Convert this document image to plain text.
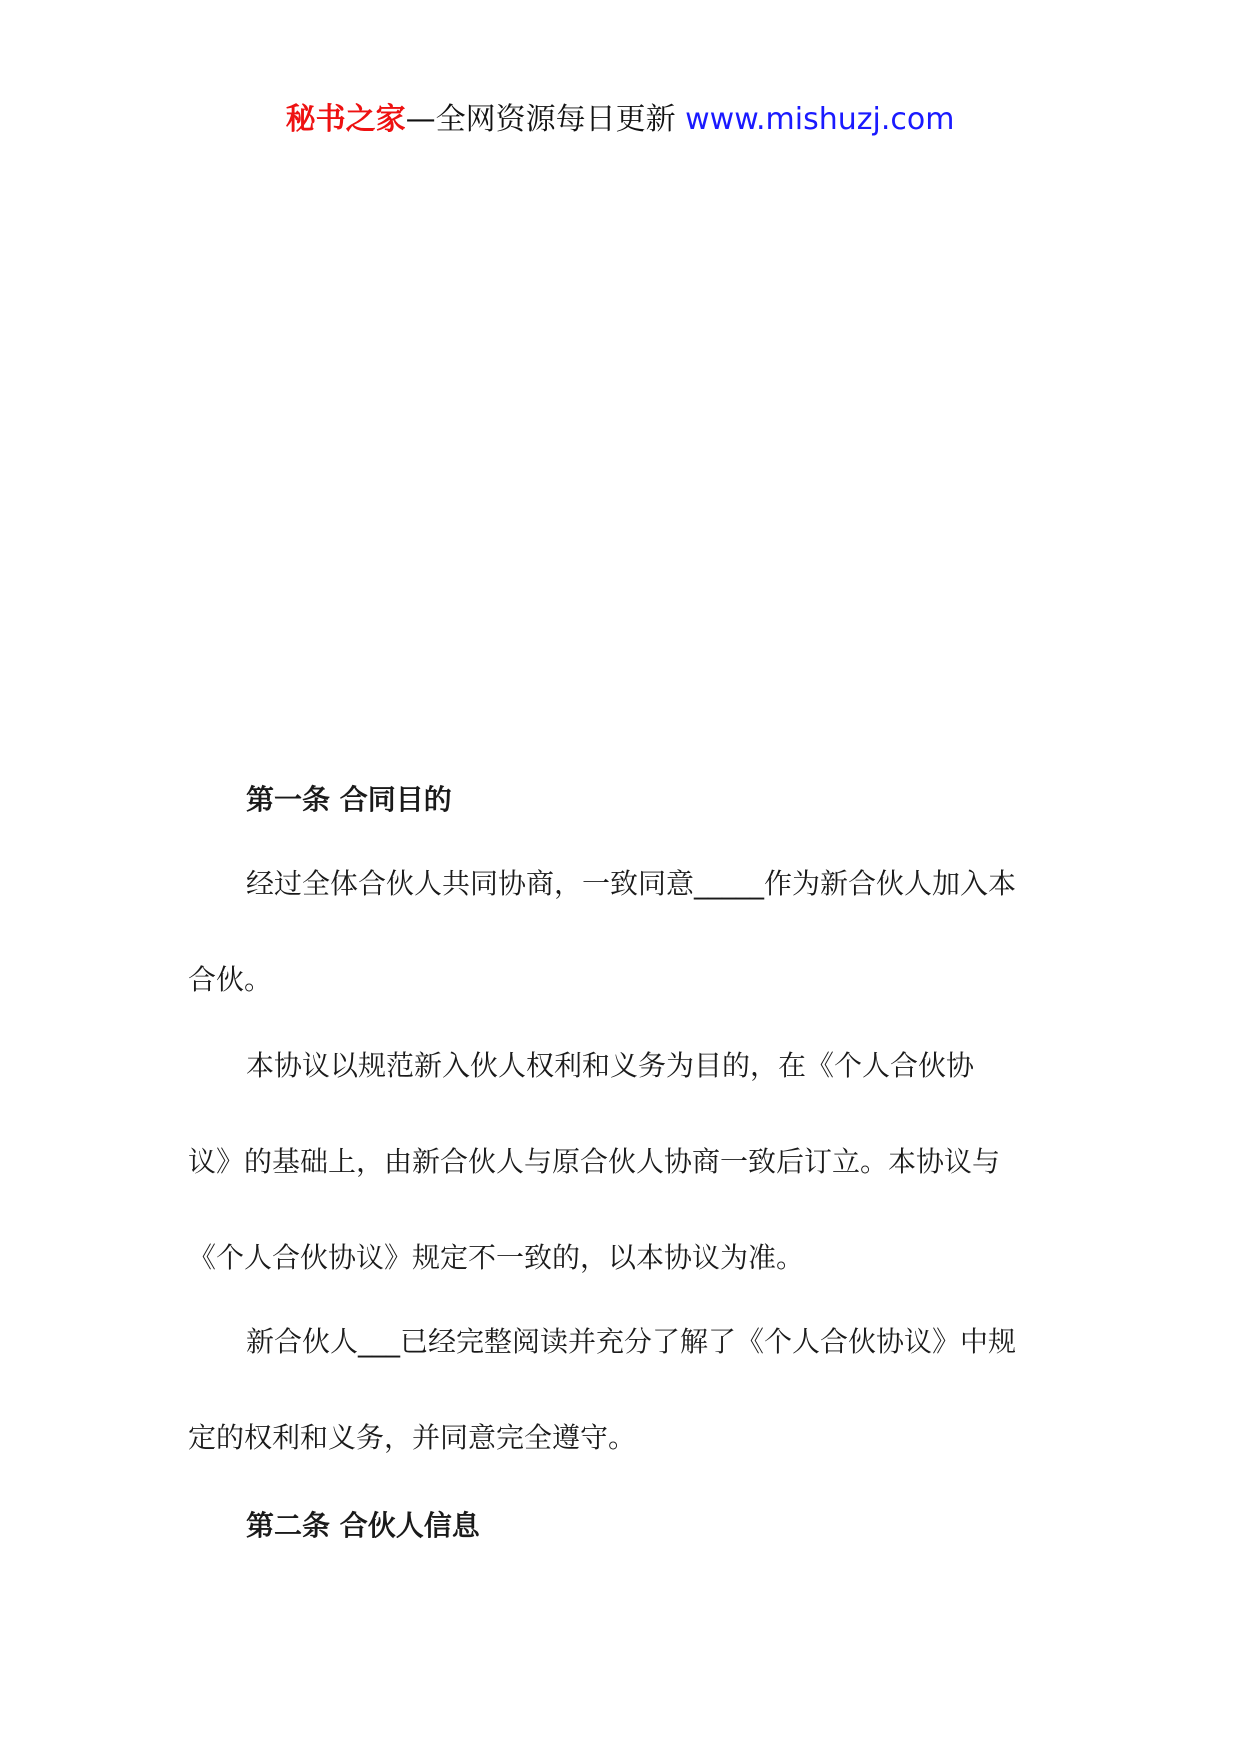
秘书之家—全网资源每日更新 www.mishuzj.com
第一条 合同目的
经过全体合伙人共同协商，一致同意_____作为新合伙人加入本
合伙。
本协议以规范新入伙人权利和义务为目的，在《个人合伙协
议》的基础上，由新合伙人与原合伙人协商一致后订立。本协议与
《个人合伙协议》规定不一致的，以本协议为准。
新合伙人___已经完整阅读并充分了解了《个人合伙协议》中规
定的权利和义务，并同意完全遵守。
第二条 合伙人信息
